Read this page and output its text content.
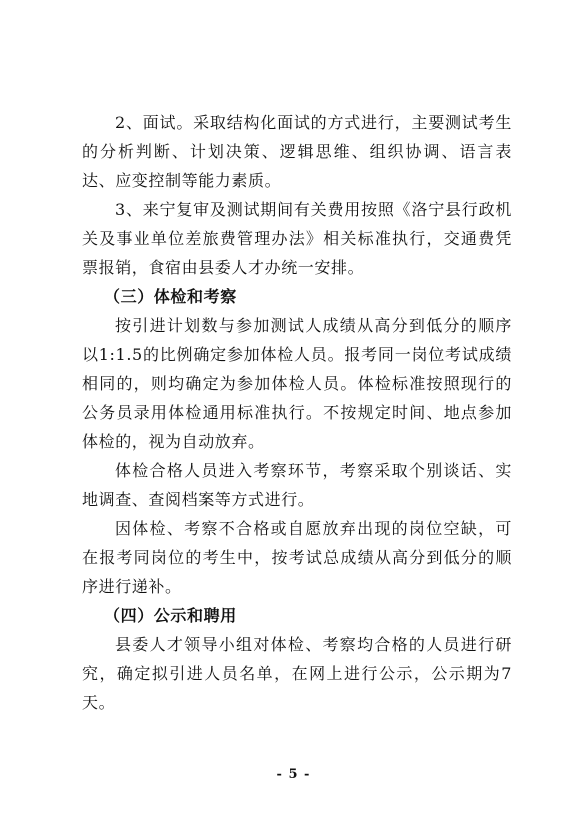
2、面试。采取结构化面试的方式进行，主要测试考生的分析判断、计划决策、逻辑思维、组织协调、语言表达、应变控制等能力素质。

3、来宁复审及测试期间有关费用按照《洛宁县行政机关及事业单位差旅费管理办法》相关标准执行，交通费凭票报销，食宿由县委人才办统一安排。

（三）体检和考察

按引进计划数与参加测试人成绩从高分到低分的顺序以1:1.5的比例确定参加体检人员。报考同一岗位考试成绩相同的，则均确定为参加体检人员。体检标准按照现行的公务员录用体检通用标准执行。不按规定时间、地点参加体检的，视为自动放弃。

体检合格人员进入考察环节，考察采取个别谈话、实地调查、查阅档案等方式进行。

因体检、考察不合格或自愿放弃出现的岗位空缺，可在报考同岗位的考生中，按考试总成绩从高分到低分的顺序进行递补。

（四）公示和聘用

县委人才领导小组对体检、考察均合格的人员进行研究，确定拟引进人员名单，在网上进行公示，公示期为7天。

- 5 -
